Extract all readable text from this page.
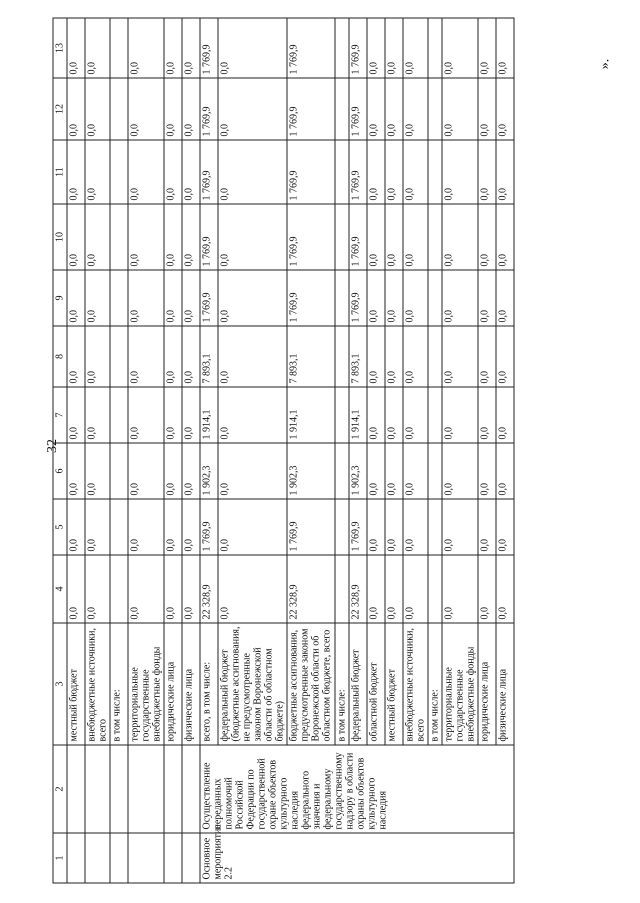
32
1	2	3	4	5	6	7	8	9	10	11	12	13
		местный бюджет	0,0	0,0	0,0	0,0	0,0	0,0	0,0	0,0	0,0	0,0
		внебюджетные источники, всего	0,0	0,0	0,0	0,0	0,0	0,0	0,0	0,0	0,0	0,0
		в том числе:										
		территориальные государственные внебюджетные фонды	0,0	0,0	0,0	0,0	0,0	0,0	0,0	0,0	0,0	0,0
		юридические лица	0,0	0,0	0,0	0,0	0,0	0,0	0,0	0,0	0,0	0,0
		физические лица	0,0	0,0	0,0	0,0	0,0	0,0	0,0	0,0	0,0	0,0
Основное мероприятие 2.2	Осуществление переданных полномочий Российской Федерации по государственной охране объектов культурного наследия федерального значения и федеральному государственному надзору в области охраны объектов культурного наследия	всего, в том числе:	22 328,9	1 769,9	1 902,3	1 914,1	7 893,1	1 769,9	1 769,9	1 769,9	1 769,9	1 769,9
		федеральный бюджет (бюджетные ассигнования, не предусмотренные законом Воронежской области об областном бюджете)	0,0	0,0	0,0	0,0	0,0	0,0	0,0	0,0	0,0	0,0
		бюджетные ассигнования, предусмотренные законом Воронежской области об областном бюджете, всего	22 328,9	1 769,9	1 902,3	1 914,1	7 893,1	1 769,9	1 769,9	1 769,9	1 769,9	1 769,9
		в том числе:										
		федеральный бюджет	22 328,9	1 769,9	1 902,3	1 914,1	7 893,1	1 769,9	1 769,9	1 769,9	1 769,9	1 769,9
		областной бюджет	0,0	0,0	0,0	0,0	0,0	0,0	0,0	0,0	0,0	0,0
		местный бюджет	0,0	0,0	0,0	0,0	0,0	0,0	0,0	0,0	0,0	0,0
		внебюджетные источники, всего	0,0	0,0	0,0	0,0	0,0	0,0	0,0	0,0	0,0	0,0
		в том числе:										
		территориальные государственные внебюджетные фонды	0,0	0,0	0,0	0,0	0,0	0,0	0,0	0,0	0,0	0,0
		юридические лица	0,0	0,0	0,0	0,0	0,0	0,0	0,0	0,0	0,0	0,0
		физические лица	0,0	0,0	0,0	0,0	0,0	0,0	0,0	0,0	0,0	0,0	».
